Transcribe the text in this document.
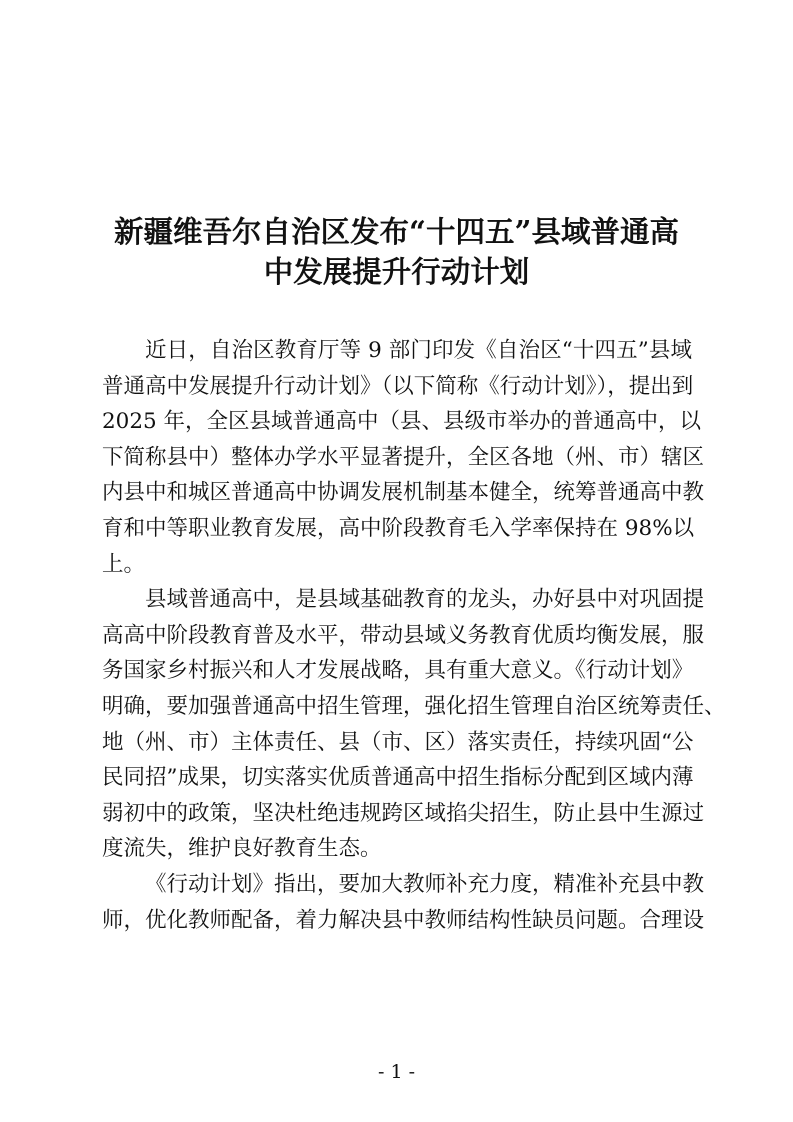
新疆维吾尔自治区发布“十四五”县域普通高
中发展提升行动计划
近日，自治区教育厅等 9 部门印发《自治区“十四五”县域
普通高中发展提升行动计划》（以下简称《行动计划》），提出到
2025 年，全区县域普通高中（县、县级市举办的普通高中，以
下简称县中）整体办学水平显著提升，全区各地（州、市）辖区
内县中和城区普通高中协调发展机制基本健全，统筹普通高中教
育和中等职业教育发展，高中阶段教育毛入学率保持在 98%以
上。
县域普通高中，是县域基础教育的龙头，办好县中对巩固提
高高中阶段教育普及水平，带动县域义务教育优质均衡发展，服
务国家乡村振兴和人才发展战略，具有重大意义。《行动计划》
明确，要加强普通高中招生管理，强化招生管理自治区统筹责任、
地（州、市）主体责任、县（市、区）落实责任，持续巩固“公
民同招”成果，切实落实优质普通高中招生指标分配到区域内薄
弱初中的政策，坚决杜绝违规跨区域掐尖招生，防止县中生源过
度流失，维护良好教育生态。
《行动计划》指出，要加大教师补充力度，精准补充县中教
师，优化教师配备，着力解决县中教师结构性缺员问题。合理设
- 1 -
